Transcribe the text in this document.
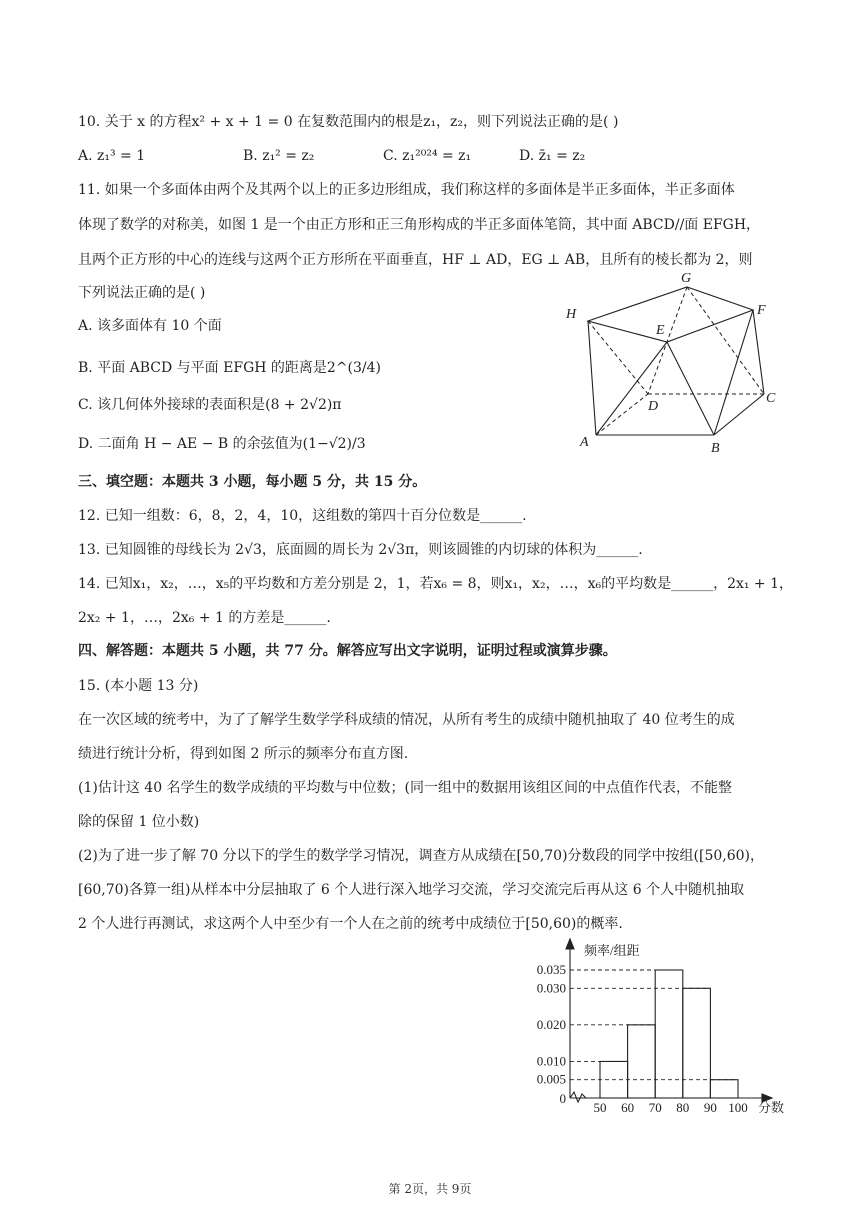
10. 关于 x 的方程x² + x + 1 = 0 在复数范围内的根是z₁，z₂，则下列说法正确的是( )
A. z₁³ = 1	B. z₁² = z₂	C. z₁²⁰²⁴ = z₁	D. z̄₁ = z₂
11. 如果一个多面体由两个及其两个以上的正多边形组成，我们称这样的多面体是半正多面体，半正多面体
体现了数学的对称美，如图 1 是一个由正方形和正三角形构成的半正多面体笔筒，其中面 ABCD//面 EFGH，
且两个正方形的中心的连线与这两个正方形所在平面垂直，HF ⊥ AD，EG ⊥ AB，且所有的棱长都为 2，则
下列说法正确的是( )
A. 该多面体有 10 个面
B. 平面 ABCD 与平面 EFGH 的距离是2^(3/4)
C. 该几何体外接球的表面积是(8 + 2√2)π
D. 二面角 H − AE − B 的余弦值为(1−√2)/3
H
G
F
E
D
C
A	B
三、填空题：本题共 3 小题，每小题 5 分，共 15 分。
12. 已知一组数：6，8，2，4，10，这组数的第四十百分位数是______.
13. 已知圆锥的母线长为 2√3，底面圆的周长为 2√3π，则该圆锥的内切球的体积为______.
14. 已知x₁，x₂，…，x₅的平均数和方差分别是 2，1，若x₆ = 8，则x₁，x₂，…，x₆的平均数是______，2x₁ + 1，
2x₂ + 1，…，2x₆ + 1 的方差是______.
四、解答题：本题共 5 小题，共 77 分。解答应写出文字说明，证明过程或演算步骤。
15. (本小题 13 分)
在一次区域的统考中，为了了解学生数学学科成绩的情况，从所有考生的成绩中随机抽取了 40 位考生的成
绩进行统计分析，得到如图 2 所示的频率分布直方图.
(1)估计这 40 名学生的数学成绩的平均数与中位数；(同一组中的数据用该组区间的中点值作代表，不能整
除的保留 1 位小数)
(2)为了进一步了解 70 分以下的学生的数学学习情况，调查方从成绩在[50,70)分数段的同学中按组([50,60)，
[60,70)各算一组)从样本中分层抽取了 6 个人进行深入地学习交流，学习交流完后再从这 6 个人中随机抽取
2 个人进行再测试，求这两个人中至少有一个人在之前的统考中成绩位于[50,60)的概率.
频率/组距
分数
0
0.005
0.010
0.020
0.030
0.035
50 60 70 80 90 100
第 2页，共 9页
